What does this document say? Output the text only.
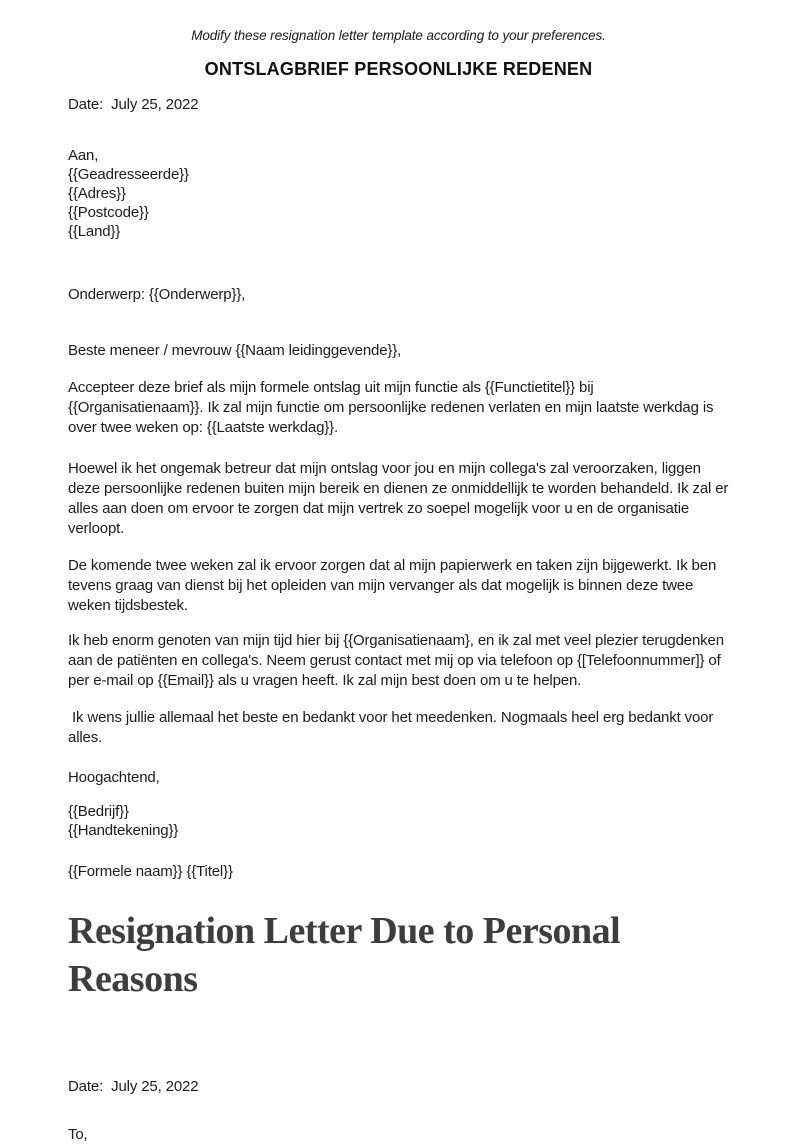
Modify these resignation letter template according to your preferences.
ONTSLAGBRIEF PERSOONLIJKE REDENEN
Date:  July 25, 2022
Aan,
{{Geadresseerde}}
{{Adres}}
{{Postcode}}
{{Land}}
Onderwerp: {{Onderwerp}},
Beste meneer / mevrouw {{Naam leidinggevende}},
Accepteer deze brief als mijn formele ontslag uit mijn functie als {{Functietitel}} bij {{Organisatienaam}}. Ik zal mijn functie om persoonlijke redenen verlaten en mijn laatste werkdag is over twee weken op: {{Laatste werkdag}}.
Hoewel ik het ongemak betreur dat mijn ontslag voor jou en mijn collega's zal veroorzaken, liggen deze persoonlijke redenen buiten mijn bereik en dienen ze onmiddellijk te worden behandeld. Ik zal er alles aan doen om ervoor te zorgen dat mijn vertrek zo soepel mogelijk voor u en de organisatie verloopt.
De komende twee weken zal ik ervoor zorgen dat al mijn papierwerk en taken zijn bijgewerkt. Ik ben tevens graag van dienst bij het opleiden van mijn vervanger als dat mogelijk is binnen deze twee weken tijdsbestek.
Ik heb enorm genoten van mijn tijd hier bij {{Organisatienaam}, en ik zal met veel plezier terugdenken aan de patiënten en collega's. Neem gerust contact met mij op via telefoon op {[Telefoonnummer]} of per e-mail op {{Email}} als u vragen heeft. Ik zal mijn best doen om u te helpen.
Ik wens jullie allemaal het beste en bedankt voor het meedenken. Nogmaals heel erg bedankt voor alles.
Hoogachtend,
{{Bedrijf}}
{{Handtekening}}
{{Formele naam}} {{Titel}}
Resignation Letter Due to Personal Reasons
Date:  July 25, 2022
To,
